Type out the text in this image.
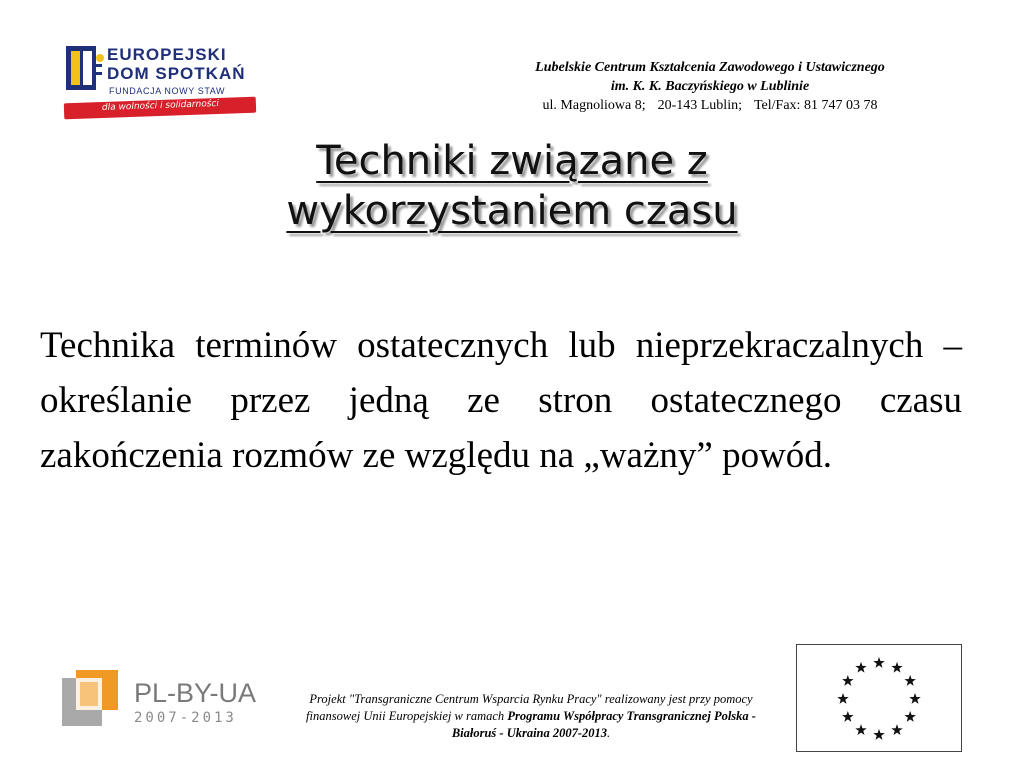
EUROPEJSKI
DOM SPOTKAŃ
FUNDACJA NOWY STAW
dla wolności i solidarności
Lubelskie Centrum Kształcenia Zawodowego i Ustawicznego
im. K. K. Baczyńskiego w Lublinie
ul. Magnoliowa 8; 20-143 Lublin; Tel/Fax: 81 747 03 78
Techniki związane z
wykorzystaniem czasu
Technika terminów ostatecznych lub nieprzekraczalnych – określanie przez jedną ze stron ostatecznego czasu zakończenia rozmów ze względu na „ważny” powód.
PL-BY-UA
2007-2013
Projekt "Transgraniczne Centrum Wsparcia Rynku Pracy" realizowany jest przy pomocy finansowej Unii Europejskiej w ramach Programu Współpracy Transgranicznej Polska - Białoruś - Ukraina 2007-2013.
